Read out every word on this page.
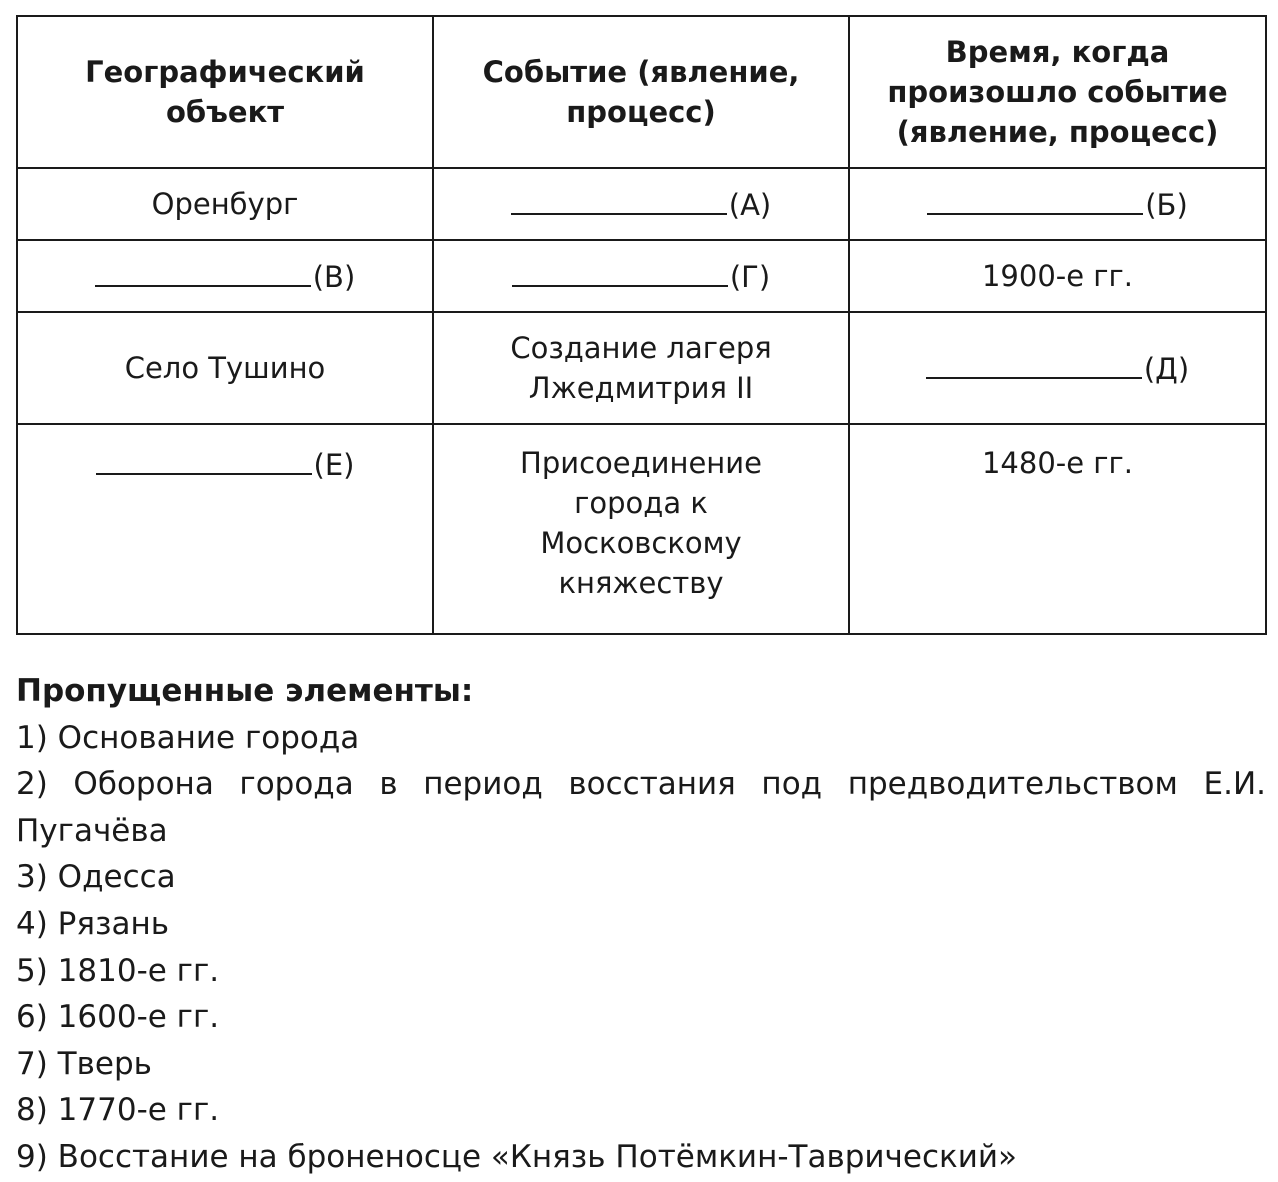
Географический объект	Событие (явление, процесс)	Время, когда произошло событие (явление, процесс)
Оренбург	(А)	(Б)
(В)	(Г)	1900-е гг.
Село Тушино	Создание лагеря Лжедмитрия II	(Д)
(Е)	Присоединение города к Московскому княжеству	1480-е гг.
Пропущенные элементы:
1) Основание города
2) Оборона города в период восстания под предводительством Е.И.
Пугачёва
3) Одесса
4) Рязань
5) 1810-е гг.
6) 1600-е гг.
7) Тверь
8) 1770-е гг.
9) Восстание на броненосце «Князь Потёмкин-Таврический»
